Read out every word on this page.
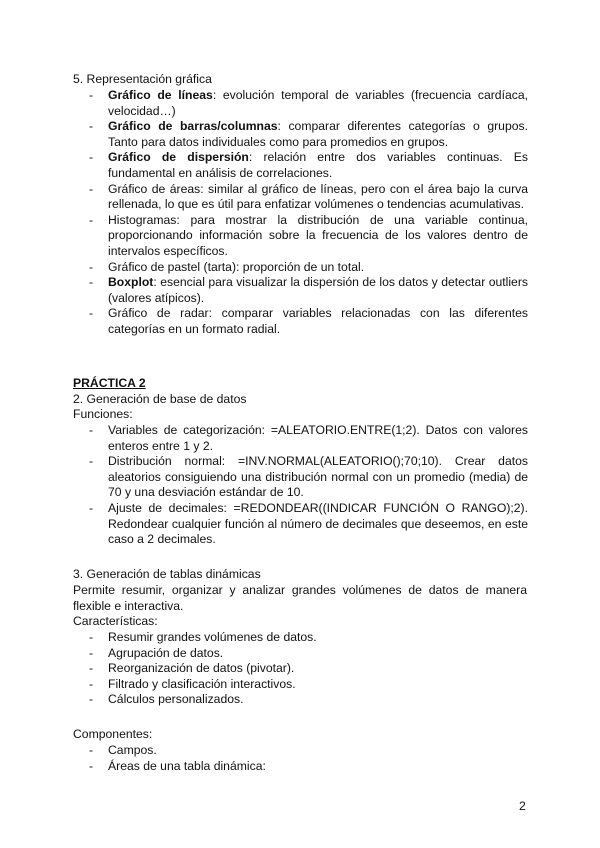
5. Representación gráfica
- Gráfico de líneas: evolución temporal de variables (frecuencia cardíaca, velocidad…)
- Gráfico de barras/columnas: comparar diferentes categorías o grupos. Tanto para datos individuales como para promedios en grupos.
- Gráfico de dispersión: relación entre dos variables continuas. Es fundamental en análisis de correlaciones.
- Gráfico de áreas: similar al gráfico de líneas, pero con el área bajo la curva rellenada, lo que es útil para enfatizar volúmenes o tendencias acumulativas.
- Histogramas: para mostrar la distribución de una variable continua, proporcionando información sobre la frecuencia de los valores dentro de intervalos específicos.
- Gráfico de pastel (tarta): proporción de un total.
- Boxplot: esencial para visualizar la dispersión de los datos y detectar outliers (valores atípicos).
- Gráfico de radar: comparar variables relacionadas con las diferentes categorías en un formato radial.
PRÁCTICA 2
2. Generación de base de datos
Funciones:
- Variables de categorización: =ALEATORIO.ENTRE(1;2). Datos con valores enteros entre 1 y 2.
- Distribución normal: =INV.NORMAL(ALEATORIO();70;10). Crear datos aleatorios consiguiendo una distribución normal con un promedio (media) de 70 y una desviación estándar de 10.
- Ajuste de decimales: =REDONDEAR((INDICAR FUNCIÓN O RANGO);2). Redondear cualquier función al número de decimales que deseemos, en este caso a 2 decimales.
3. Generación de tablas dinámicas
Permite resumir, organizar y analizar grandes volúmenes de datos de manera flexible e interactiva.
Características:
- Resumir grandes volúmenes de datos.
- Agrupación de datos.
- Reorganización de datos (pivotar).
- Filtrado y clasificación interactivos.
- Cálculos personalizados.
Componentes:
- Campos.
- Áreas de una tabla dinámica:
2
